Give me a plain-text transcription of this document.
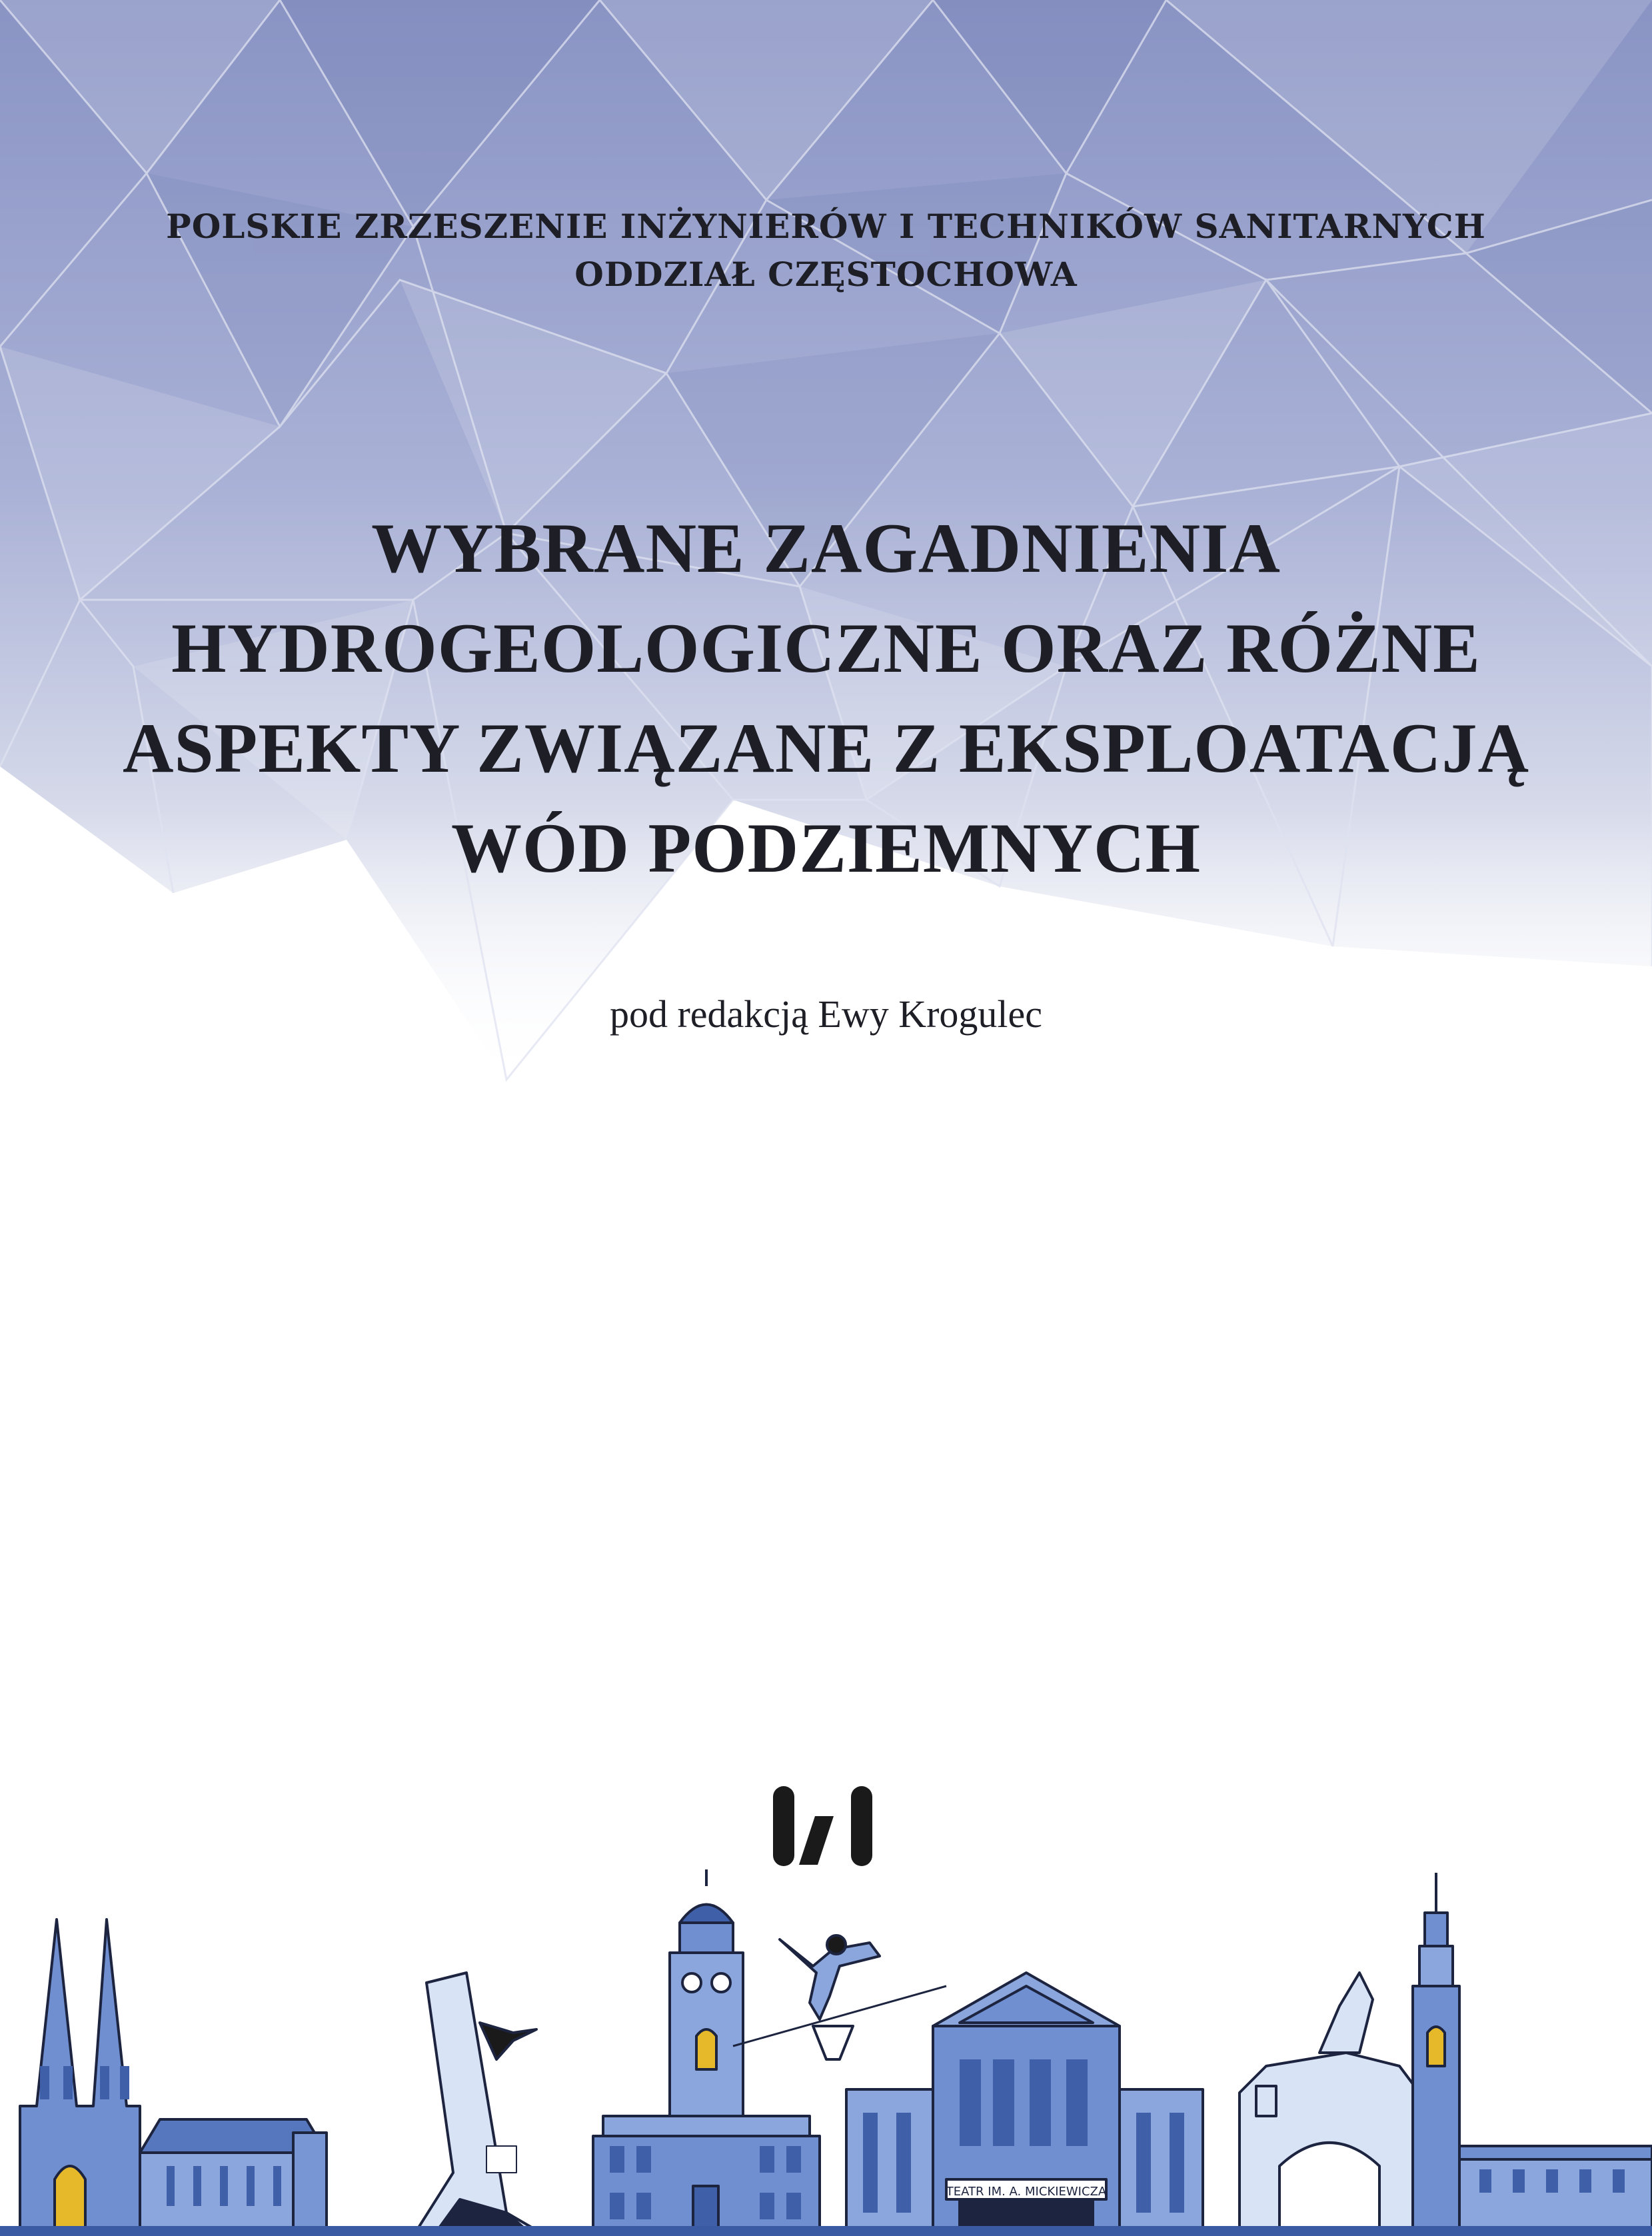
POLSKIE ZRZESZENIE INŻYNIERÓW I TECHNIKÓW SANITARNYCH
ODDZIAŁ CZĘSTOCHOWA
WYBRANE ZAGADNIENIA
HYDROGEOLOGICZNE ORAZ RÓŻNE
ASPEKTY ZWIĄZANE Z EKSPLOATACJĄ
WÓD PODZIEMNYCH
pod redakcją Ewy Krogulec
TEATR IM. A. MICKIEWICZA
